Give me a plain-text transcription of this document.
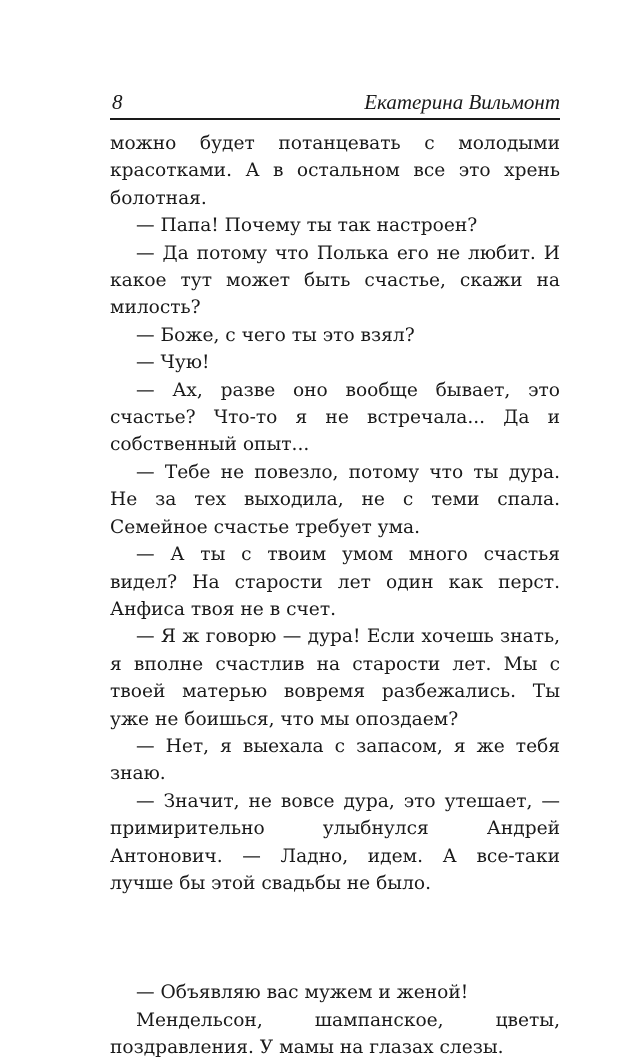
8	Екатерина Вильмонт

можно будет потанцевать с молодыми красотками. А в остальном все это хрень болотная.

— Папа! Почему ты так настроен?

— Да потому что Полька его не любит. И какое тут может быть счастье, скажи на милость?

— Боже, с чего ты это взял?

— Чую!

— Ах, разве оно вообще бывает, это счастье? Что-то я не встречала... Да и собственный опыт...

— Тебе не повезло, потому что ты дура. Не за тех выходила, не с теми спала. Семейное счастье требует ума.

— А ты с твоим умом много счастья видел? На старости лет один как перст. Анфиса твоя не в счет.

— Я ж говорю — дура! Если хочешь знать, я вполне счастлив на старости лет. Мы с твоей матерью вовремя разбежались. Ты уже не боишься, что мы опоздаем?

— Нет, я выехала с запасом, я же тебя знаю.

— Значит, не вовсе дура, это утешает, — примирительно улыбнулся Андрей Антонович. — Ладно, идем. А все-таки лучше бы этой свадьбы не было.

— Объявляю вас мужем и женой!

Мендельсон, шампанское, цветы, поздравления. У мамы на глазах слезы.
